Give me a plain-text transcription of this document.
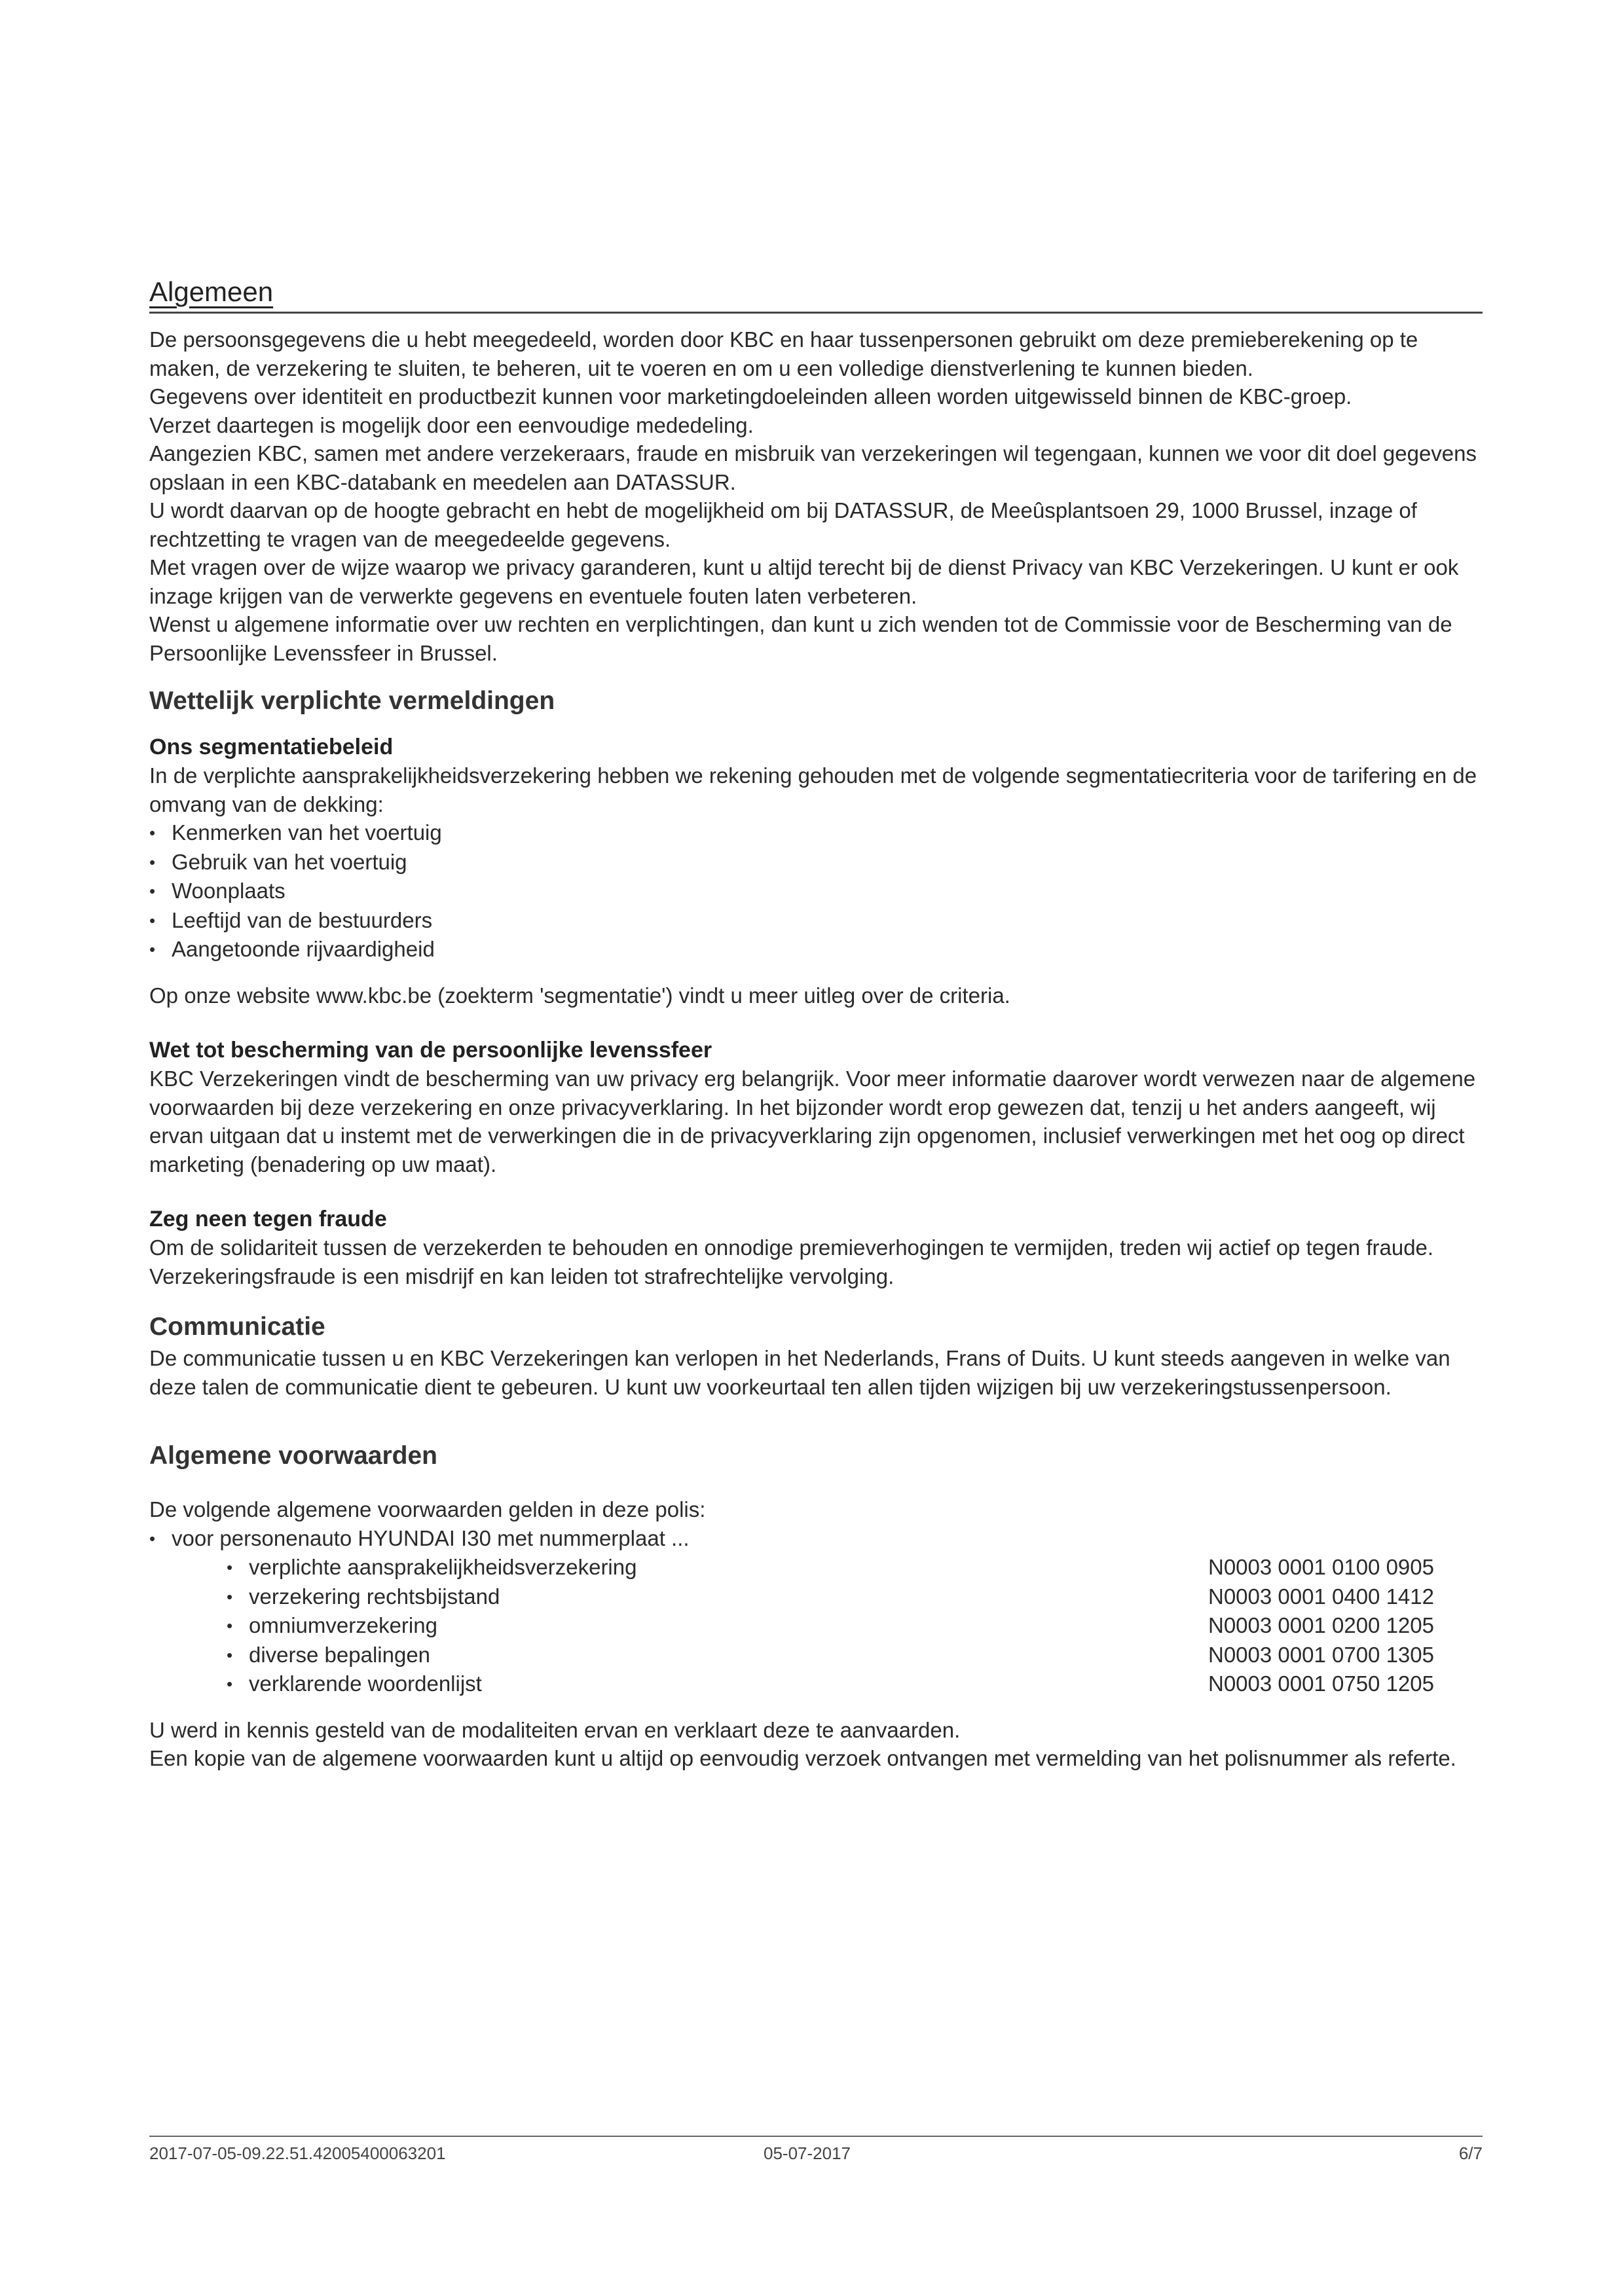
Algemeen

De persoonsgegevens die u hebt meegedeeld, worden door KBC en haar tussenpersonen gebruikt om deze premieberekening op te maken, de verzekering te sluiten, te beheren, uit te voeren en om u een volledige dienstverlening te kunnen bieden.

Gegevens over identiteit en productbezit kunnen voor marketingdoeleinden alleen worden uitgewisseld binnen de KBC-groep.

Verzet daartegen is mogelijk door een eenvoudige mededeling.

Aangezien KBC, samen met andere verzekeraars, fraude en misbruik van verzekeringen wil tegengaan, kunnen we voor dit doel gegevens opslaan in een KBC-databank en meedelen aan DATASSUR.

U wordt daarvan op de hoogte gebracht en hebt de mogelijkheid om bij DATASSUR, de Meeûsplantsoen 29, 1000 Brussel, inzage of rechtzetting te vragen van de meegedeelde gegevens.

Met vragen over de wijze waarop we privacy garanderen, kunt u altijd terecht bij de dienst Privacy van KBC Verzekeringen. U kunt er ook inzage krijgen van de verwerkte gegevens en eventuele fouten laten verbeteren.

Wenst u algemene informatie over uw rechten en verplichtingen, dan kunt u zich wenden tot de Commissie voor de Bescherming van de Persoonlijke Levenssfeer in Brussel.

Wettelijk verplichte vermeldingen
Ons segmentatiebeleid

In de verplichte aansprakelijkheidsverzekering hebben we rekening gehouden met de volgende segmentatiecriteria voor de tarifering en de omvang van de dekking:

• Kenmerken van het voertuig
• Gebruik van het voertuig
• Woonplaats
• Leeftijd van de bestuurders
• Aangetoonde rijvaardigheid

Op onze website www.kbc.be (zoekterm 'segmentatie') vindt u meer uitleg over de criteria.

Wet tot bescherming van de persoonlijke levenssfeer

KBC Verzekeringen vindt de bescherming van uw privacy erg belangrijk. Voor meer informatie daarover wordt verwezen naar de algemene voorwaarden bij deze verzekering en onze privacyverklaring. In het bijzonder wordt erop gewezen dat, tenzij u het anders aangeeft, wij ervan uitgaan dat u instemt met de verwerkingen die in de privacyverklaring zijn opgenomen, inclusief verwerkingen met het oog op direct marketing (benadering op uw maat).

Zeg neen tegen fraude

Om de solidariteit tussen de verzekerden te behouden en onnodige premieverhogingen te vermijden, treden wij actief op tegen fraude. Verzekeringsfraude is een misdrijf en kan leiden tot strafrechtelijke vervolging.

Communicatie

De communicatie tussen u en KBC Verzekeringen kan verlopen in het Nederlands, Frans of Duits. U kunt steeds aangeven in welke van deze talen de communicatie dient te gebeuren. U kunt uw voorkeurtaal ten allen tijden wijzigen bij uw verzekeringstussenpersoon.

Algemene voorwaarden

De volgende algemene voorwaarden gelden in deze polis:

• voor personenauto HYUNDAI I30 met nummerplaat ...
• verplichte aansprakelijkheidsverzekering	N0003 0001 0100 0905
• verzekering rechtsbijstand	N0003 0001 0400 1412
• omniumverzekering	N0003 0001 0200 1205
• diverse bepalingen	N0003 0001 0700 1305
• verklarende woordenlijst	N0003 0001 0750 1205

U werd in kennis gesteld van de modaliteiten ervan en verklaart deze te aanvaarden.

Een kopie van de algemene voorwaarden kunt u altijd op eenvoudig verzoek ontvangen met vermelding van het polisnummer als referte.

2017-07-05-09.22.51.42005400063201	05-07-2017	6/7
